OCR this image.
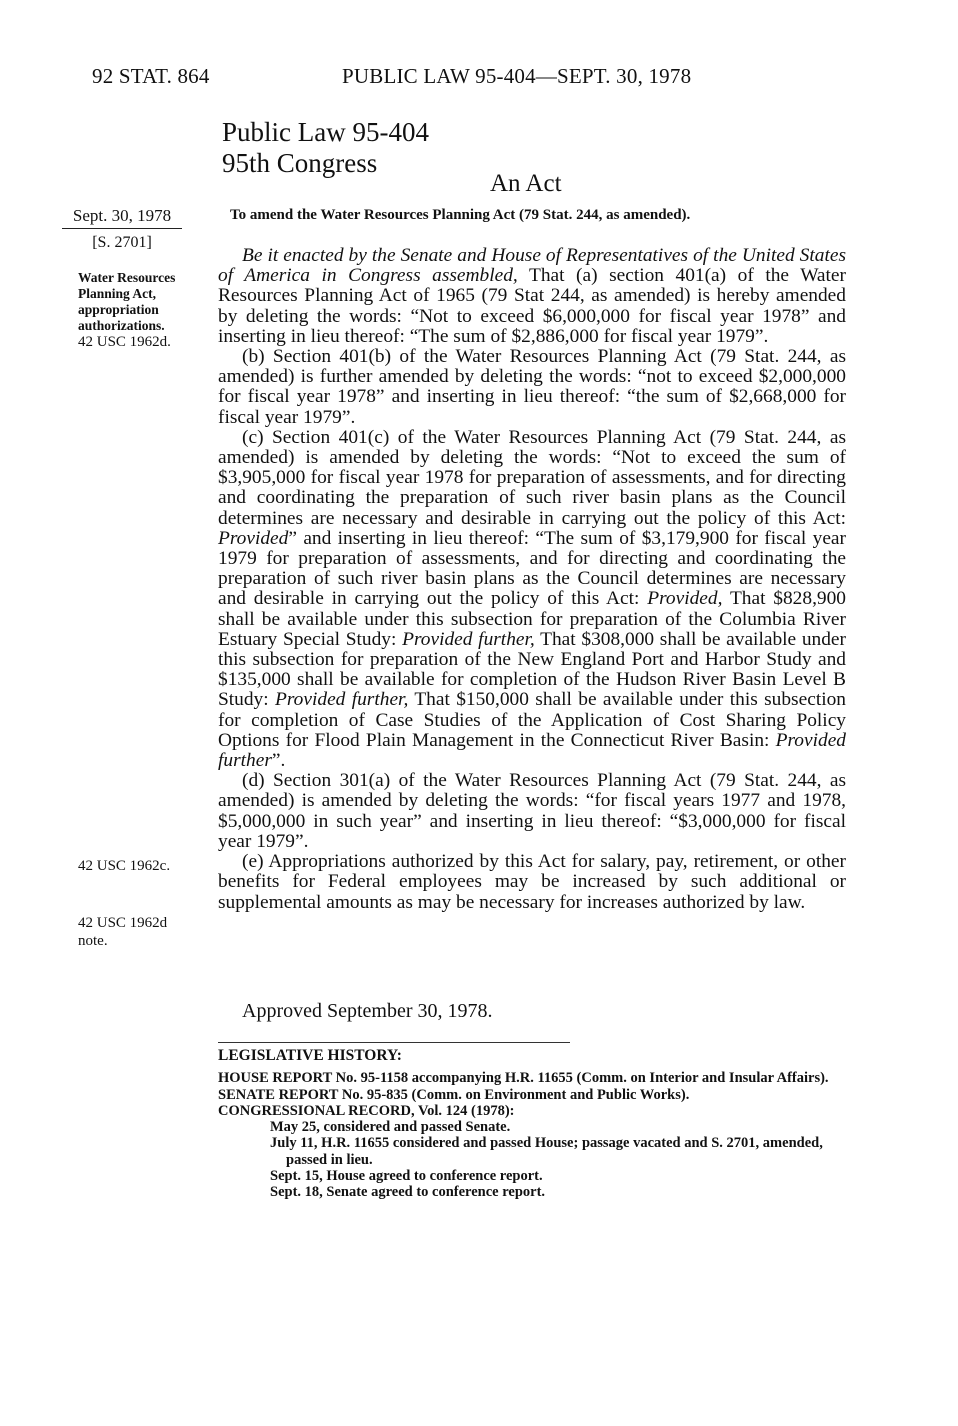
92 STAT. 864	PUBLIC LAW 95-404—SEPT. 30, 1978
Public Law 95-404
95th Congress
An Act
Sept. 30, 1978
[S. 2701]
Water Resources
Planning Act,
appropriation
authorizations.
42 USC 1962d.
42 USC 1962c.
42 USC 1962d
note.
To amend the Water Resources Planning Act (79 Stat. 244, as amended).

Be it enacted by the Senate and House of Representatives of the United States of America in Congress assembled, That (a) section 401(a) of the Water Resources Planning Act of 1965 (79 Stat 244, as amended) is hereby amended by deleting the words: “Not to exceed $6,000,000 for fiscal year 1978” and inserting in lieu thereof: “The sum of $2,886,000 for fiscal year 1979”.

(b) Section 401(b) of the Water Resources Planning Act (79 Stat. 244, as amended) is further amended by deleting the words: “not to exceed $2,000,000 for fiscal year 1978” and inserting in lieu thereof: “the sum of $2,668,000 for fiscal year 1979”.

(c) Section 401(c) of the Water Resources Planning Act (79 Stat. 244, as amended) is amended by deleting the words: “Not to exceed the sum of $3,905,000 for fiscal year 1978 for preparation of assessments, and for directing and coordinating the preparation of such river basin plans as the Council determines are necessary and desirable in carrying out the policy of this Act: Provided” and inserting in lieu thereof: “The sum of $3,179,900 for fiscal year 1979 for preparation of assessments, and for directing and coordinating the preparation of such river basin plans as the Council determines are necessary and desirable in carrying out the policy of this Act: Provided, That $828,900 shall be available under this subsection for preparation of the Columbia River Estuary Special Study: Provided further, That $308,000 shall be available under this subsection for preparation of the New England Port and Harbor Study and $135,000 shall be available for completion of the Hudson River Basin Level B Study: Provided further, That $150,000 shall be available under this subsection for completion of Case Studies of the Application of Cost Sharing Policy Options for Flood Plain Management in the Connecticut River Basin: Provided further”.

(d) Section 301(a) of the Water Resources Planning Act (79 Stat. 244, as amended) is amended by deleting the words: “for fiscal years 1977 and 1978, $5,000,000 in such year” and inserting in lieu thereof: “$3,000,000 for fiscal year 1979”.

(e) Appropriations authorized by this Act for salary, pay, retirement, or other benefits for Federal employees may be increased by such additional or supplemental amounts as may be necessary for increases authorized by law.

Approved September 30, 1978.
LEGISLATIVE HISTORY:
HOUSE REPORT No. 95-1158 accompanying H.R. 11655 (Comm. on Interior and Insular Affairs).
SENATE REPORT No. 95-835 (Comm. on Environment and Public Works).
CONGRESSIONAL RECORD, Vol. 124 (1978):
May 25, considered and passed Senate.
July 11, H.R. 11655 considered and passed House; passage vacated and S. 2701, amended, passed in lieu.
Sept. 15, House agreed to conference report.
Sept. 18, Senate agreed to conference report.
